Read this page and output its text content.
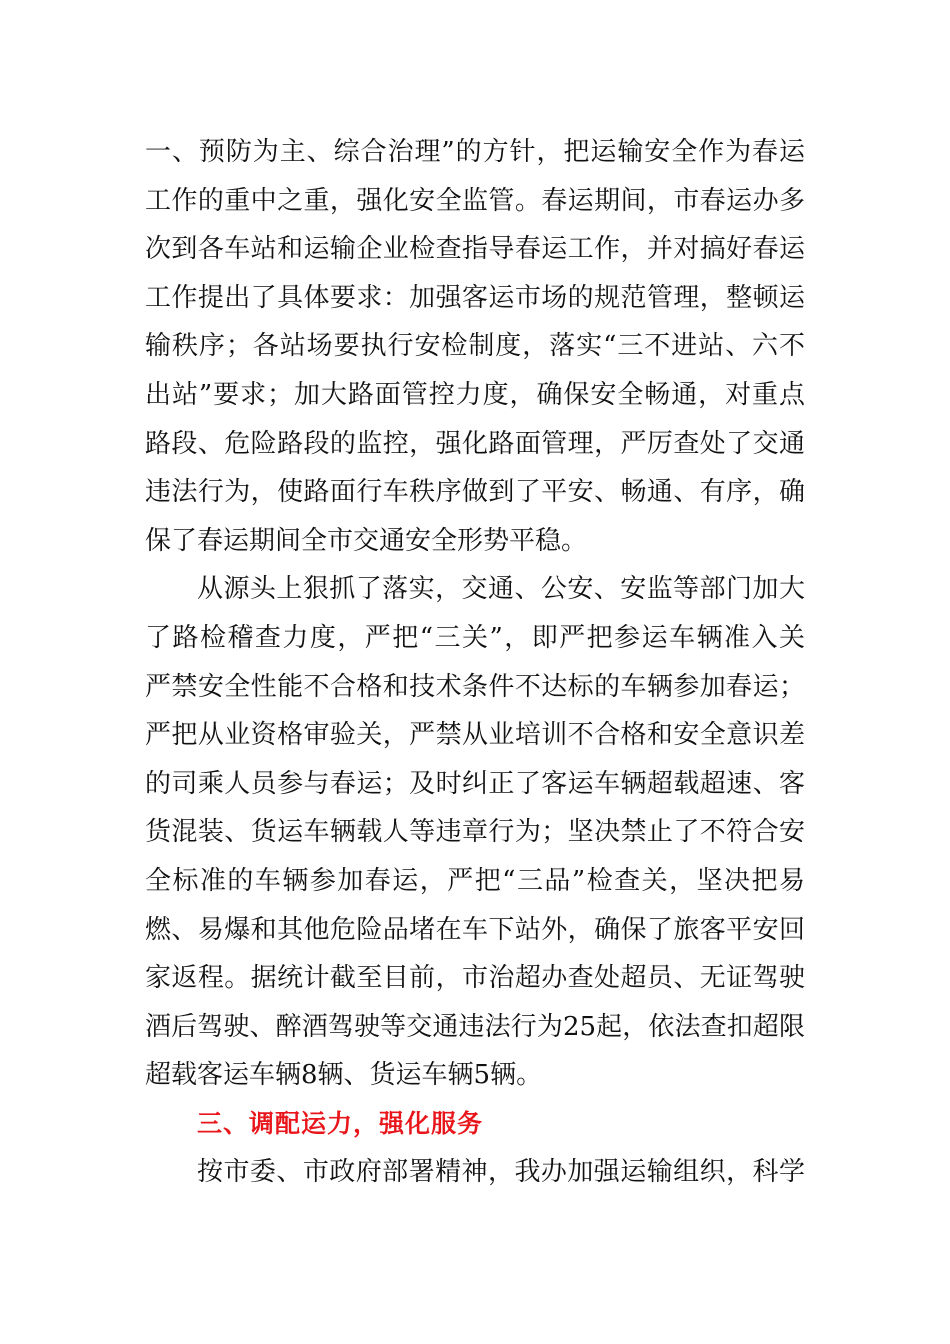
一、预防为主、综合治理”的方针，把运输安全作为春运
工作的重中之重，强化安全监管。春运期间，市春运办多
次到各车站和运输企业检查指导春运工作，并对搞好春运
工作提出了具体要求：加强客运市场的规范管理，整顿运
输秩序；各站场要执行安检制度，落实“三不进站、六不
出站”要求；加大路面管控力度，确保安全畅通，对重点
路段、危险路段的监控，强化路面管理，严厉查处了交通
违法行为，使路面行车秩序做到了平安、畅通、有序，确
保了春运期间全市交通安全形势平稳。
从源头上狠抓了落实，交通、公安、安监等部门加大
了路检稽查力度，严把“三关”，即严把参运车辆准入关
严禁安全性能不合格和技术条件不达标的车辆参加春运；
严把从业资格审验关，严禁从业培训不合格和安全意识差
的司乘人员参与春运；及时纠正了客运车辆超载超速、客
货混装、货运车辆载人等违章行为；坚决禁止了不符合安
全标准的车辆参加春运，严把“三品”检查关，坚决把易
燃、易爆和其他危险品堵在车下站外，确保了旅客平安回
家返程。据统计截至目前，市治超办查处超员、无证驾驶
酒后驾驶、醉酒驾驶等交通违法行为25起，依法查扣超限
超载客运车辆8辆、货运车辆5辆。
三、调配运力，强化服务
按市委、市政府部署精神，我办加强运输组织，科学
